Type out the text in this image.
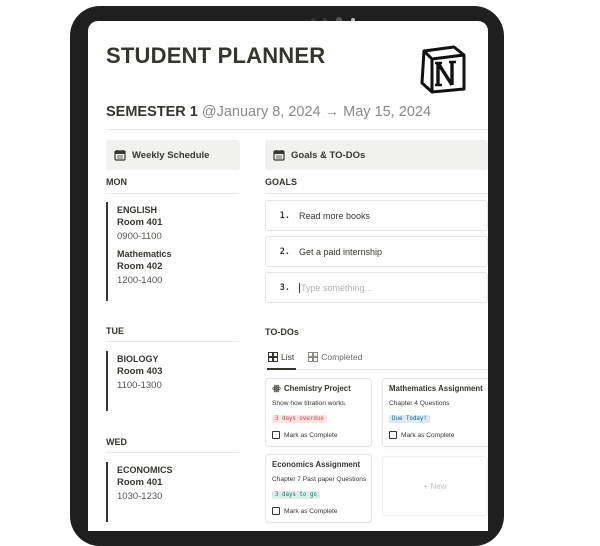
STUDENT PLANNER
SEMESTER 1 @January 8, 2024 → May 15, 2024
Weekly Schedule
MON
ENGLISH
Room 401
0900-1100
Mathematics
Room 402
1200-1400
TUE
BIOLOGY
Room 403
1100-1300
WED
ECONOMICS
Room 401
1030-1230
Goals & TO-DOs
GOALS
1. Read more books
2. Get a paid internship
3. Type something...
TO-DOs
List	Completed
Chemistry Project
Show how titration works.
3 days overdue
Mark as Complete
Mathematics Assignment
Chapter 4 Questions
Due Today!
Mark as Complete
Economics Assignment
Chapter 7 Past paper Questions
3 days to go
Mark as Complete
+ New
